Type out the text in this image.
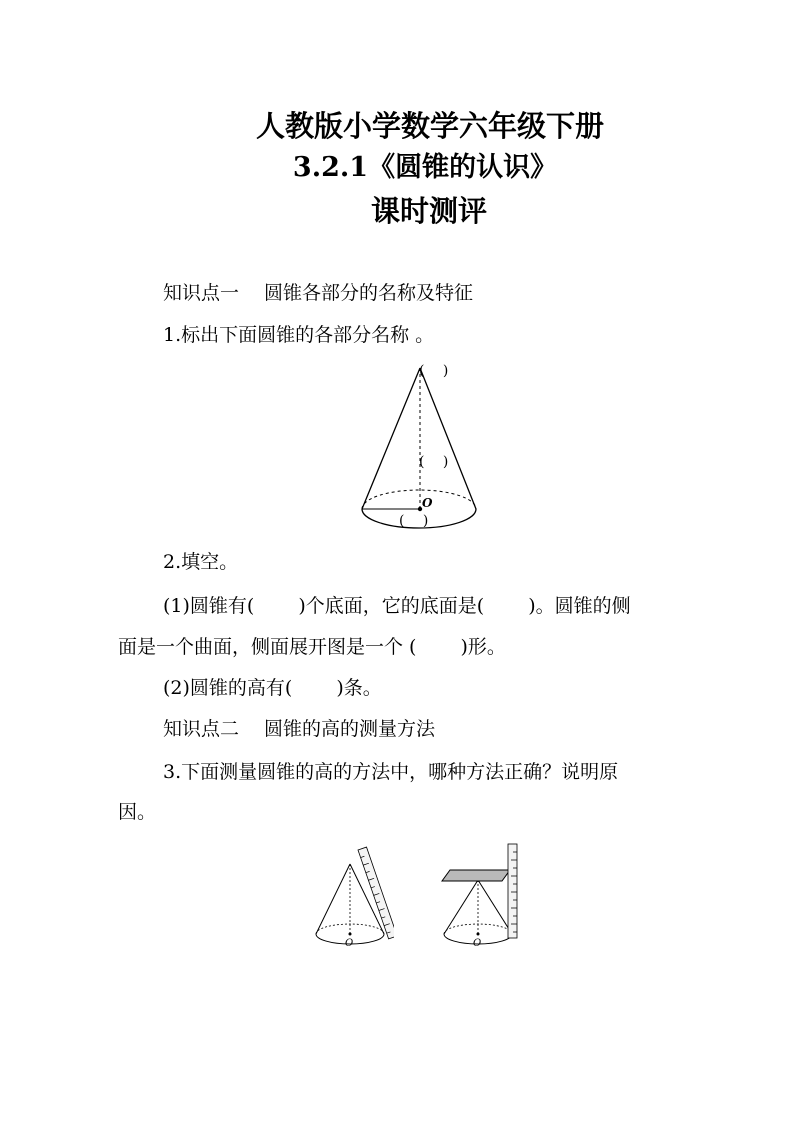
人教版小学数学六年级下册
3.2.1《圆锥的认识》
课时测评
知识点一　 圆锥各部分的名称及特征
1.标出下面圆锥的各部分名称 。
(　 )
(　 )
(　 )
O
2.填空。
(1)圆锥有(　　 )个底面，它的底面是(　　 )。圆锥的侧
面是一个曲面，侧面展开图是一个 (　　 )形。
(2)圆锥的高有(　　 )条。
知识点二　 圆锥的高的测量方法
3.下面测量圆锥的高的方法中，哪种方法正确？说明原
因。
O	O
